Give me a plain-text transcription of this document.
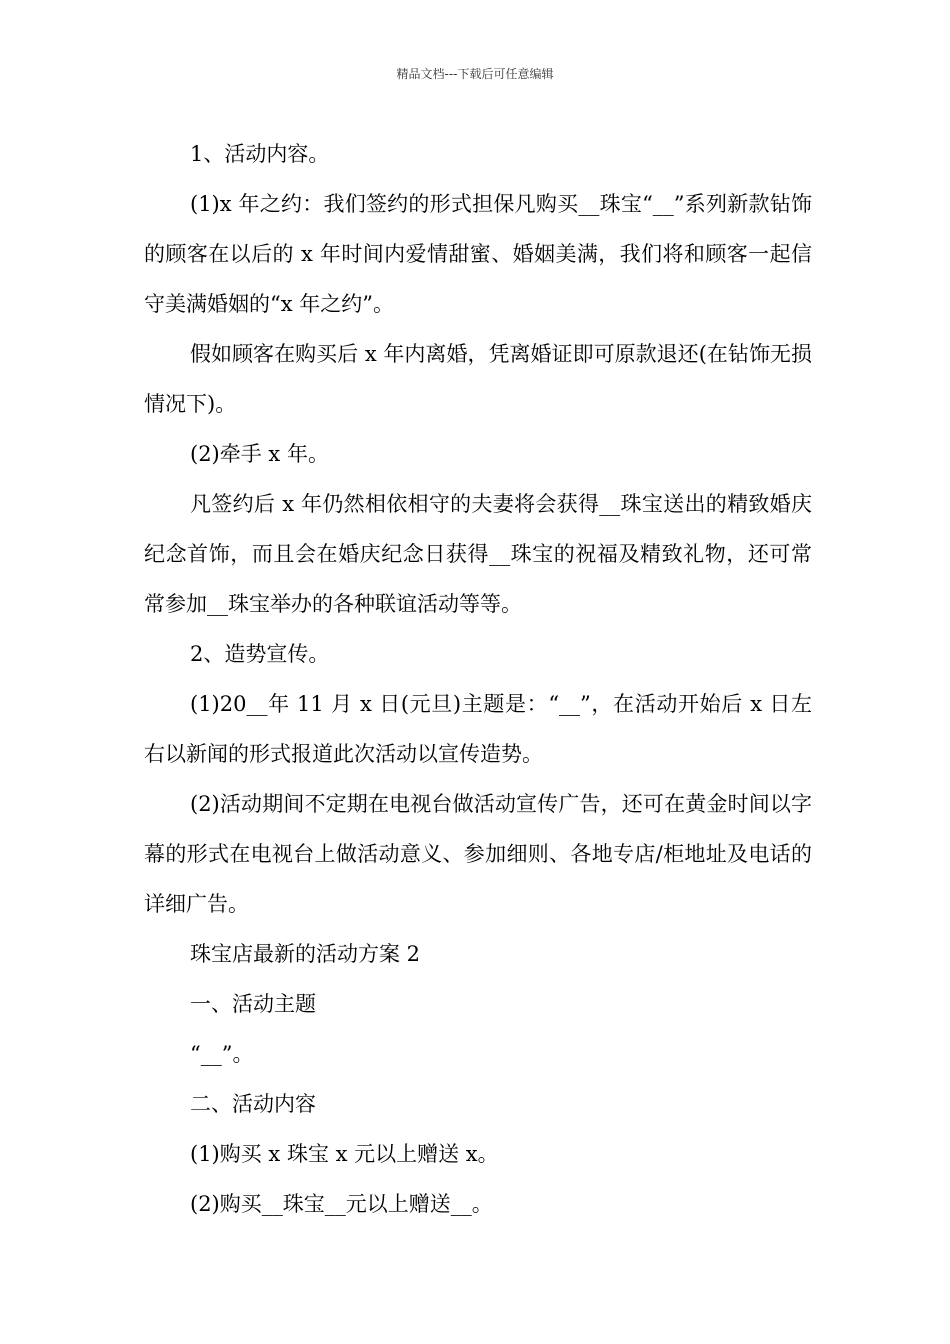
精品文档---下载后可任意编辑

1、活动内容。

(1)x 年之约：我们签约的形式担保凡购买__珠宝“__”系列新款钻饰的顾客在以后的 x 年时间内爱情甜蜜、婚姻美满，我们将和顾客一起信守美满婚姻的“x 年之约”。

假如顾客在购买后 x 年内离婚，凭离婚证即可原款退还(在钻饰无损情况下)。

(2)牵手 x 年。

凡签约后 x 年仍然相依相守的夫妻将会获得__珠宝送出的精致婚庆纪念首饰，而且会在婚庆纪念日获得__珠宝的祝福及精致礼物，还可常常参加__珠宝举办的各种联谊活动等等。

2、造势宣传。

(1)20__年 11 月 x 日(元旦)主题是：“__”，在活动开始后 x 日左右以新闻的形式报道此次活动以宣传造势。

(2)活动期间不定期在电视台做活动宣传广告，还可在黄金时间以字幕的形式在电视台上做活动意义、参加细则、各地专店/柜地址及电话的详细广告。

珠宝店最新的活动方案 2

一、活动主题

“__”。

二、活动内容

(1)购买 x 珠宝 x 元以上赠送 x。

(2)购买__珠宝__元以上赠送__。
